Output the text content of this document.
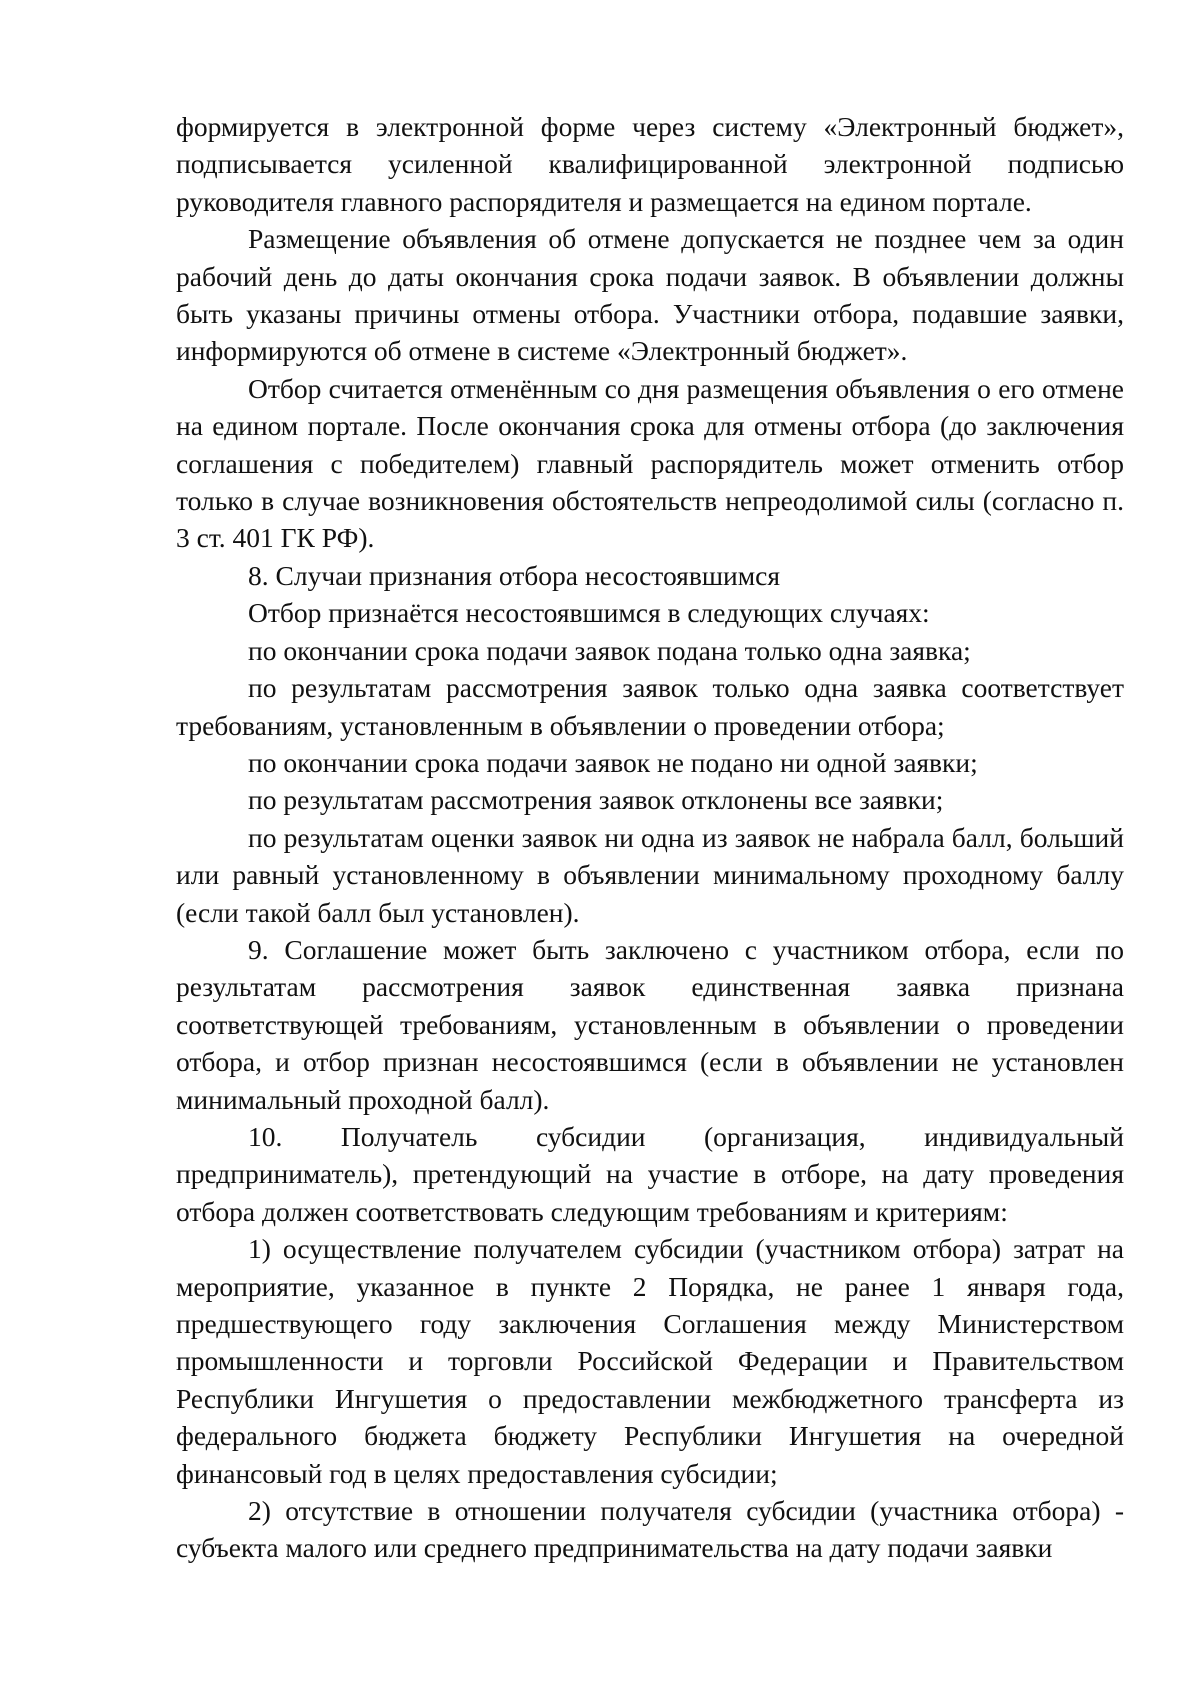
формируется в электронной форме через систему «Электронный бюджет», подписывается усиленной квалифицированной электронной подписью руководителя главного распорядителя и размещается на едином портале.

Размещение объявления об отмене допускается не позднее чем за один рабочий день до даты окончания срока подачи заявок. В объявлении должны быть указаны причины отмены отбора. Участники отбора, подавшие заявки, информируются об отмене в системе «Электронный бюджет».

Отбор считается отменённым со дня размещения объявления о его отмене на едином портале. После окончания срока для отмены отбора (до заключения соглашения с победителем) главный распорядитель может отменить отбор только в случае возникновения обстоятельств непреодолимой силы (согласно п. 3 ст. 401 ГК РФ).

8. Случаи признания отбора несостоявшимся

Отбор признаётся несостоявшимся в следующих случаях:

по окончании срока подачи заявок подана только одна заявка;

по результатам рассмотрения заявок только одна заявка соответствует требованиям, установленным в объявлении о проведении отбора;

по окончании срока подачи заявок не подано ни одной заявки;

по результатам рассмотрения заявок отклонены все заявки;

по результатам оценки заявок ни одна из заявок не набрала балл, больший или равный установленному в объявлении минимальному проходному баллу (если такой балл был установлен).

9. Соглашение может быть заключено с участником отбора, если по результатам рассмотрения заявок единственная заявка признана соответствующей требованиям, установленным в объявлении о проведении отбора, и отбор признан несостоявшимся (если в объявлении не установлен минимальный проходной балл).

10. Получатель субсидии (организация, индивидуальный предприниматель), претендующий на участие в отборе, на дату проведения отбора должен соответствовать следующим требованиям и критериям:

1) осуществление получателем субсидии (участником отбора) затрат на мероприятие, указанное в пункте 2 Порядка, не ранее 1 января года, предшествующего году заключения Соглашения между Министерством промышленности и торговли Российской Федерации и Правительством Республики Ингушетия о предоставлении межбюджетного трансферта из федерального бюджета бюджету Республики Ингушетия на очередной финансовый год в целях предоставления субсидии;

2) отсутствие в отношении получателя субсидии (участника отбора) - субъекта малого или среднего предпринимательства на дату подачи заявки
